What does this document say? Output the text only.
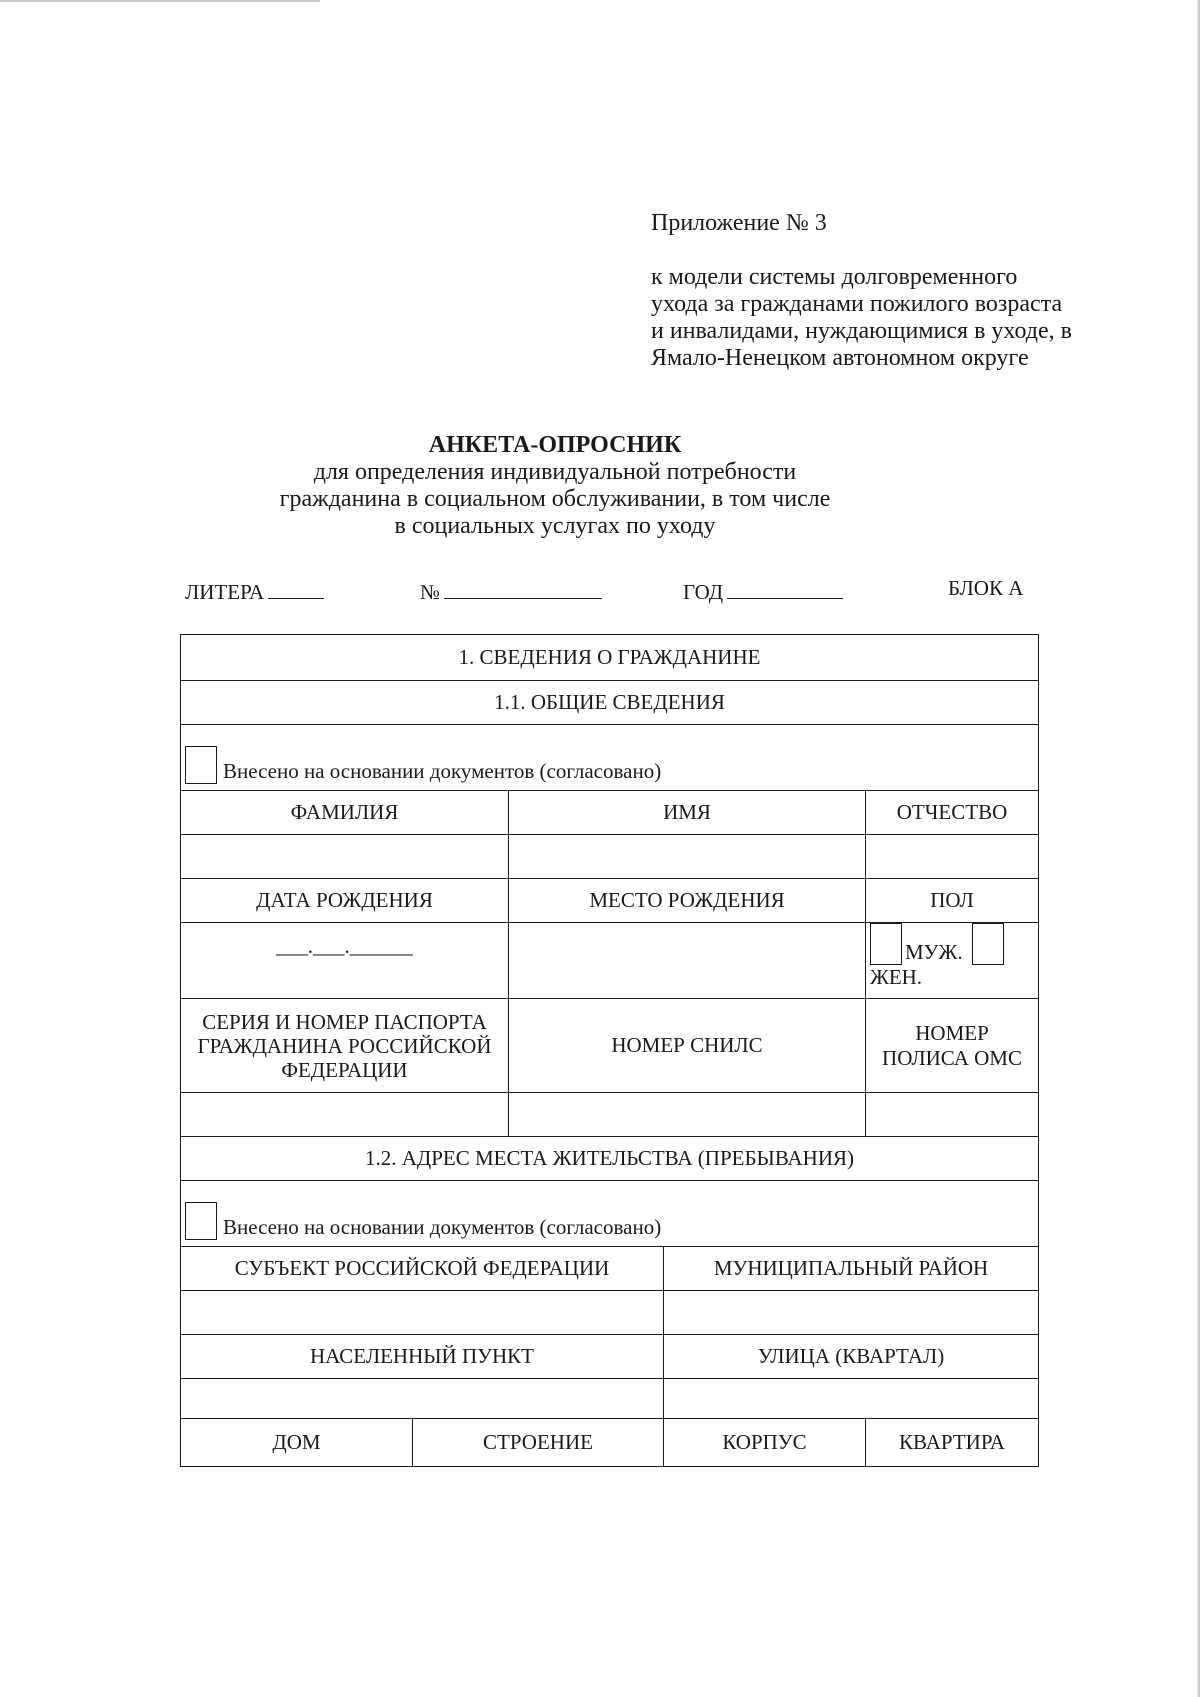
Приложение № 3
к модели системы долговременного
ухода за гражданами пожилого возраста
и инвалидами, нуждающимися в уходе, в
Ямало-Ненецком автономном округе
АНКЕТА-ОПРОСНИК
для определения индивидуальной потребности
гражданина в социальном обслуживании, в том числе
в социальных услугах по уходу
ЛИТЕРА	№	ГОД	БЛОК А
1. СВЕДЕНИЯ О ГРАЖДАНИНЕ				
1.1. ОБЩИЕ СВЕДЕНИЯ				
Внесено на основании документов (согласовано)				
ФАМИЛИЯ		ИМЯ		ОТЧЕСТВО

ДАТА РОЖДЕНИЯ		МЕСТО РОЖДЕНИЯ		ПОЛ
___.___.______				МУЖ. ЖЕН.
СЕРИЯ И НОМЕР ПАСПОРТА ГРАЖДАНИНА РОССИЙСКОЙ ФЕДЕРАЦИИ		НОМЕР СНИЛС		НОМЕР ПОЛИСА ОМС

1.2. АДРЕС МЕСТА ЖИТЕЛЬСТВА (ПРЕБЫВАНИЯ)				
Внесено на основании документов (согласовано)				
СУБЪЕКТ РОССИЙСКОЙ ФЕДЕРАЦИИ			МУНИЦИПАЛЬНЫЙ РАЙОН	

НАСЕЛЕННЫЙ ПУНКТ			УЛИЦА (КВАРТАЛ)	

ДОМ	СТРОЕНИЕ		КОРПУС	КВАРТИРА
